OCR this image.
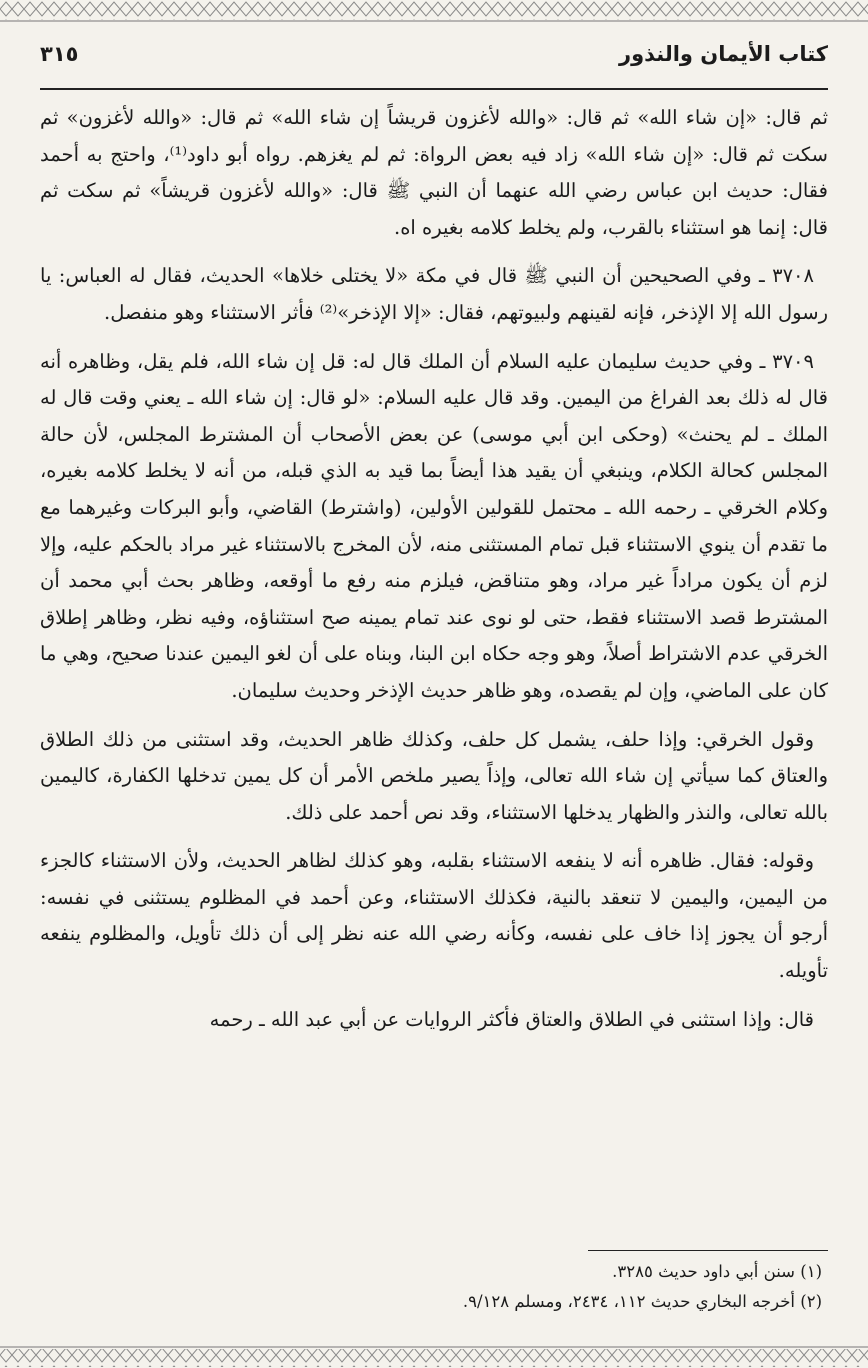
كتاب الأيمان والنذور
٣١٥

ثم قال: «إن شاء الله» ثم قال: «والله لأغزون قريشاً إن شاء الله» ثم قال: «والله لأغزون» ثم سكت ثم قال: «إن شاء الله» زاد فيه بعض الرواة: ثم لم يغزهم. رواه أبو داود⁽¹⁾، واحتج به أحمد فقال: حديث ابن عباس رضي الله عنهما أن النبي ﷺ قال: «والله لأغزون قريشاً» ثم سكت ثم قال: إنما هو استثناء بالقرب، ولم يخلط كلامه بغيره اه.

٣٧٠٨ ـ وفي الصحيحين أن النبي ﷺ قال في مكة «لا يختلى خلاها» الحديث، فقال له العباس: يا رسول الله إلا الإذخر، فإنه لقينهم ولبيوتهم، فقال: «إلا الإذخر»⁽²⁾ فأثر الاستثناء وهو منفصل.

٣٧٠٩ ـ وفي حديث سليمان عليه السلام أن الملك قال له: قل إن شاء الله، فلم يقل، وظاهره أنه قال له ذلك بعد الفراغ من اليمين. وقد قال عليه السلام: «لو قال: إن شاء الله ـ يعني وقت قال له الملك ـ لم يحنث» (وحكى ابن أبي موسى) عن بعض الأصحاب أن المشترط المجلس، لأن حالة المجلس كحالة الكلام، وينبغي أن يقيد هذا أيضاً بما قيد به الذي قبله، من أنه لا يخلط كلامه بغيره، وكلام الخرقي ـ رحمه الله ـ محتمل للقولين الأولين، (واشترط) القاضي، وأبو البركات وغيرهما مع ما تقدم أن ينوي الاستثناء قبل تمام المستثنى منه، لأن المخرج بالاستثناء غير مراد بالحكم عليه، وإلا لزم أن يكون مراداً غير مراد، وهو متناقض، فيلزم منه رفع ما أوقعه، وظاهر بحث أبي محمد أن المشترط قصد الاستثناء فقط، حتى لو نوى عند تمام يمينه صح استثناؤه، وفيه نظر، وظاهر إطلاق الخرقي عدم الاشتراط أصلاً، وهو وجه حكاه ابن البنا، وبناه على أن لغو اليمين عندنا صحيح، وهي ما كان على الماضي، وإن لم يقصده، وهو ظاهر حديث الإذخر وحديث سليمان.

وقول الخرقي: وإذا حلف، يشمل كل حلف، وكذلك ظاهر الحديث، وقد استثنى من ذلك الطلاق والعتاق كما سيأتي إن شاء الله تعالى، وإذاً يصير ملخص الأمر أن كل يمين تدخلها الكفارة، كاليمين بالله تعالى، والنذر والظهار يدخلها الاستثناء، وقد نص أحمد على ذلك.

وقوله: فقال. ظاهره أنه لا ينفعه الاستثناء بقلبه، وهو كذلك لظاهر الحديث، ولأن الاستثناء كالجزء من اليمين، واليمين لا تنعقد بالنية، فكذلك الاستثناء، وعن أحمد في المظلوم يستثنى في نفسه: أرجو أن يجوز إذا خاف على نفسه، وكأنه رضي الله عنه نظر إلى أن ذلك تأويل، والمظلوم ينفعه تأويله.

قال: وإذا استثنى في الطلاق والعتاق فأكثر الروايات عن أبي عبد الله ـ رحمه

(١) سنن أبي داود حديث ٣٢٨٥.

(٢) أخرجه البخاري حديث ١١٢، ٢٤٣٤، ومسلم ٩/١٢٨.
